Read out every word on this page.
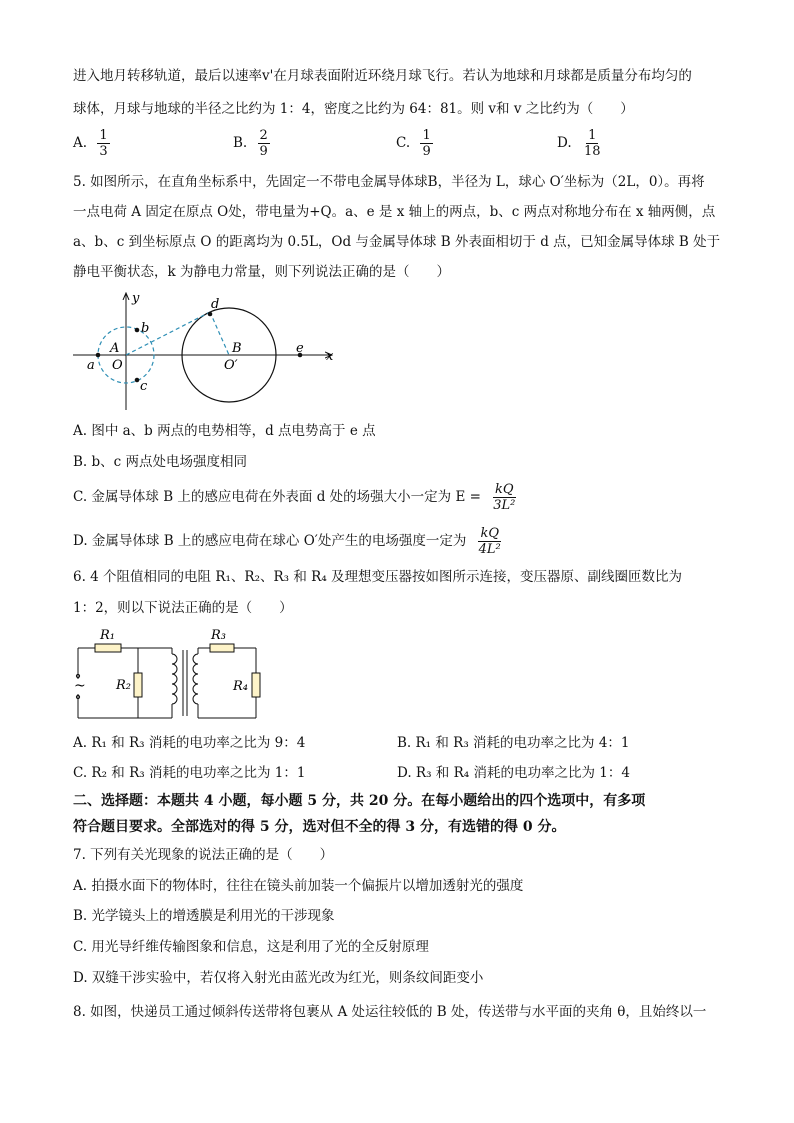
进入地月转移轨道，最后以速率v'在月球表面附近环绕月球飞行。若认为地球和月球都是质量分布均匀的
球体，月球与地球的半径之比约为 1：4，密度之比约为 64：81。则 v和 v 之比约为（　　）
A. $\frac{1}{3}$	B. $\frac{2}{9}$	C. $\frac{1}{9}$	D. $\frac{1}{18}$
5. 如图所示，在直角坐标系中，先固定一不带电金属导体球B，半径为 L，球心 O′坐标为（2L，0）。再将
一点电荷 A 固定在原点 O处，带电量为+Q。a、e 是 x 轴上的两点，b、c 两点对称地分布在 x 轴两侧，点
a、b、c 到坐标原点 O 的距离均为 0.5L，Od 与金属导体球 B 外表面相切于 d 点，已知金属导体球 B 处于
静电平衡状态，k 为静电力常量，则下列说法正确的是（　　）
y
x
A
O
a
b
c
d
B
O′
e
A. 图中 a、b 两点的电势相等，d 点电势高于 e 点
B. b、c 两点处电场强度相同
C. 金属导体球 B 上的感应电荷在外表面 d 处的场强大小一定为 $E = \frac{kQ}{\text{3L²}}$
D. 金属导体球 B 上的感应电荷在球心 O′处产生的电场强度一定为 $\frac{kQ}{\text{4L²}}$
6. 4 个阻值相同的电阻 R₁、R₂、R₃ 和 R₄ 及理想变压器按如图所示连接，变压器原、副线圈匝数比为
1：2，则以下说法正确的是（　　）
~
R₁
R₂
R₃
R₄
A. R₁ 和 R₃ 消耗的电功率之比为 9：4	B. R₁ 和 R₃ 消耗的电功率之比为 4：1
C. R₂ 和 R₃ 消耗的电功率之比为 1：1	D. R₃ 和 R₄ 消耗的电功率之比为 1：4
二、选择题：本题共 4 小题，每小题 5 分，共 20 分。在每小题给出的四个选项中，有多项
符合题目要求。全部选对的得 5 分，选对但不全的得 3 分，有选错的得 0 分。
7. 下列有关光现象的说法正确的是（　　）
A. 拍摄水面下的物体时，往往在镜头前加装一个偏振片以增加透射光的强度
B. 光学镜头上的增透膜是利用光的干涉现象
C. 用光导纤维传输图象和信息，这是利用了光的全反射原理
D. 双缝干涉实验中，若仅将入射光由蓝光改为红光，则条纹间距变小
8. 如图，快递员工通过倾斜传送带将包裹从 A 处运往较低的 B 处，传送带与水平面的夹角 θ，且始终以一
